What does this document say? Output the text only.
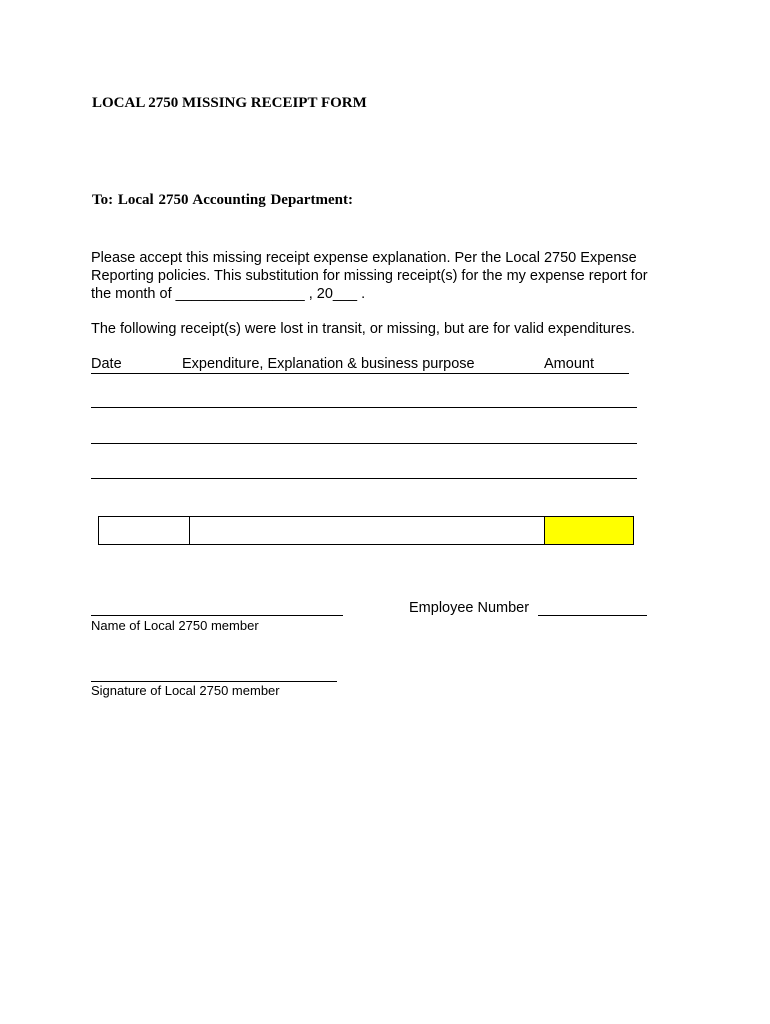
LOCAL 2750 MISSING RECEIPT FORM
To: Local 2750 Accounting Department:
Please accept this missing receipt expense explanation. Per the Local 2750 Expense
Reporting policies. This substitution for missing receipt(s) for the my expense report for
the month of ________________ , 20___ .
The following receipt(s) were lost in transit, or missing, but are for valid expenditures.
Date	Expenditure, Explanation & business purpose	Amount
Name of Local 2750 member
Employee Number
Signature of Local 2750 member
